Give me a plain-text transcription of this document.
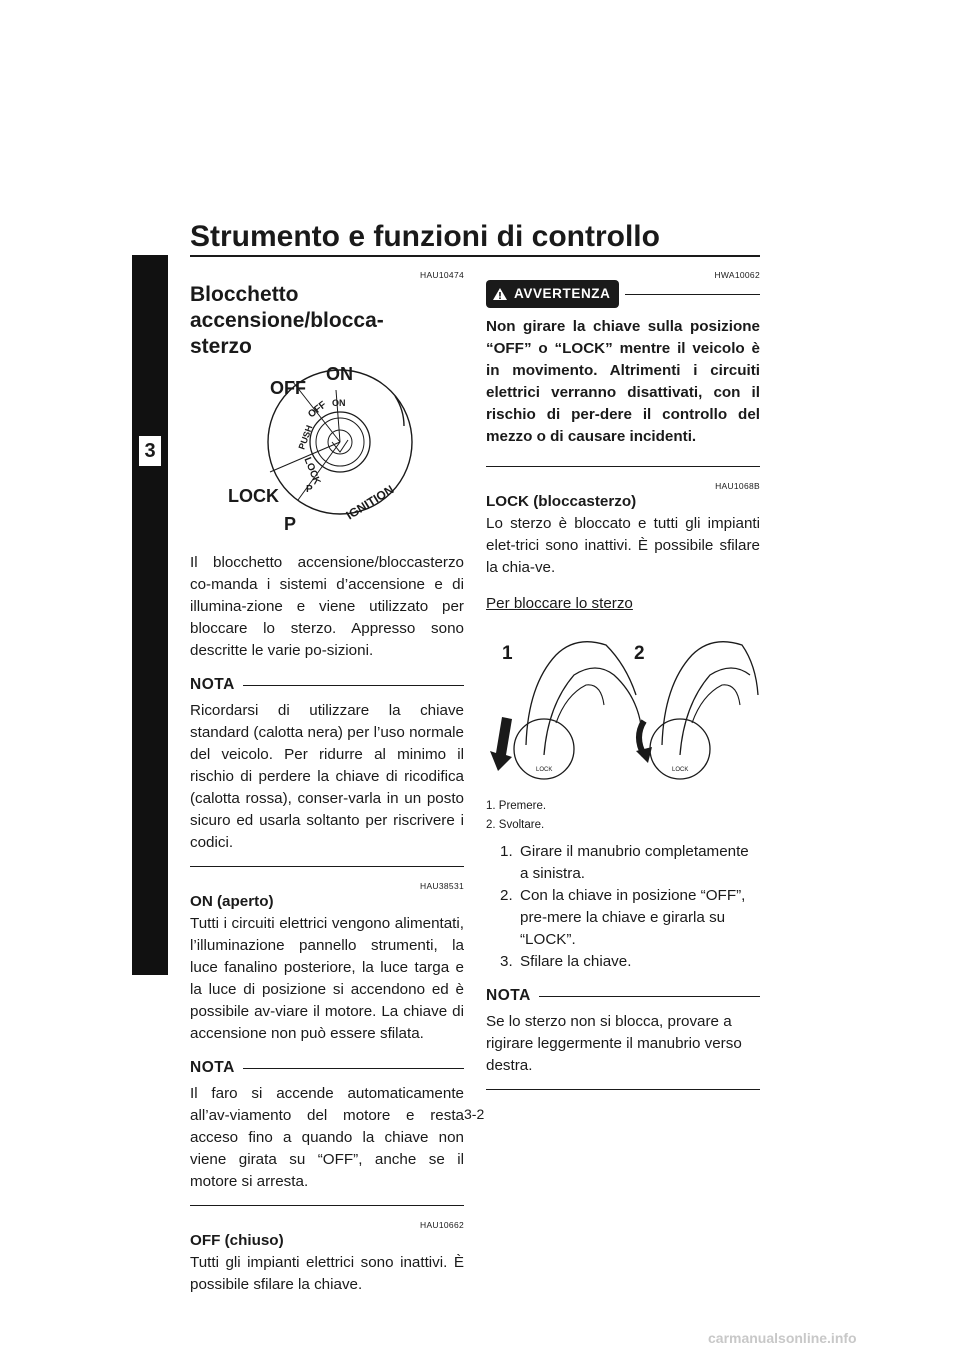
Strumento e funzioni di controllo
3
HAU10474
Blocchetto accensione/blocca-
sterzo
ON
OFF
LOCK
P
PUSH
OFF ON
LOCK
P	IGNITION

Il blocchetto accensione/bloccasterzo co-manda i sistemi d’accensione e di illumina-zione e viene utilizzato per bloccare lo sterzo. Appresso sono descritte le varie po-sizioni.

NOTA

Ricordarsi di utilizzare la chiave standard (calotta nera) per l’uso normale del veicolo. Per ridurre al minimo il rischio di perdere la chiave di ricodifica (calotta rossa), conser-varla in un posto sicuro ed usarla soltanto per riscrivere i codici.

HAU38531
ON (aperto)

Tutti i circuiti elettrici vengono alimentati, l’illuminazione pannello strumenti, la luce fanalino posteriore, la luce targa e la luce di posizione si accendono ed è possibile av-viare il motore. La chiave di accensione non può essere sfilata.

NOTA

Il faro si accende automaticamente all’av-viamento del motore e resta acceso fino a quando la chiave non viene girata su “OFF”, anche se il motore si arresta.

HAU10662
OFF (chiuso)

Tutti gli impianti elettrici sono inattivi. È possibile sfilare la chiave.

HWA10062
AVVERTENZA

Non girare la chiave sulla posizione “OFF” o “LOCK” mentre il veicolo è in movimento. Altrimenti i circuiti elettrici verranno disattivati, con il rischio di per-dere il controllo del mezzo o di causare incidenti.

HAU1068B
LOCK (bloccasterzo)

Lo sterzo è bloccato e tutti gli impianti elet-trici sono inattivi. È possibile sfilare la chia-ve.

Per bloccare lo sterzo

1	2
LOCK	LOCK
1. Premere.
2. Svoltare.
1. Girare il manubrio completamente a sinistra.
2. Con la chiave in posizione “OFF”, pre-mere la chiave e girarla su “LOCK”.
3. Sfilare la chiave.
NOTA

Se lo sterzo non si blocca, provare a rigirare leggermente il manubrio verso destra.

3-2
carmanualsonline.info
